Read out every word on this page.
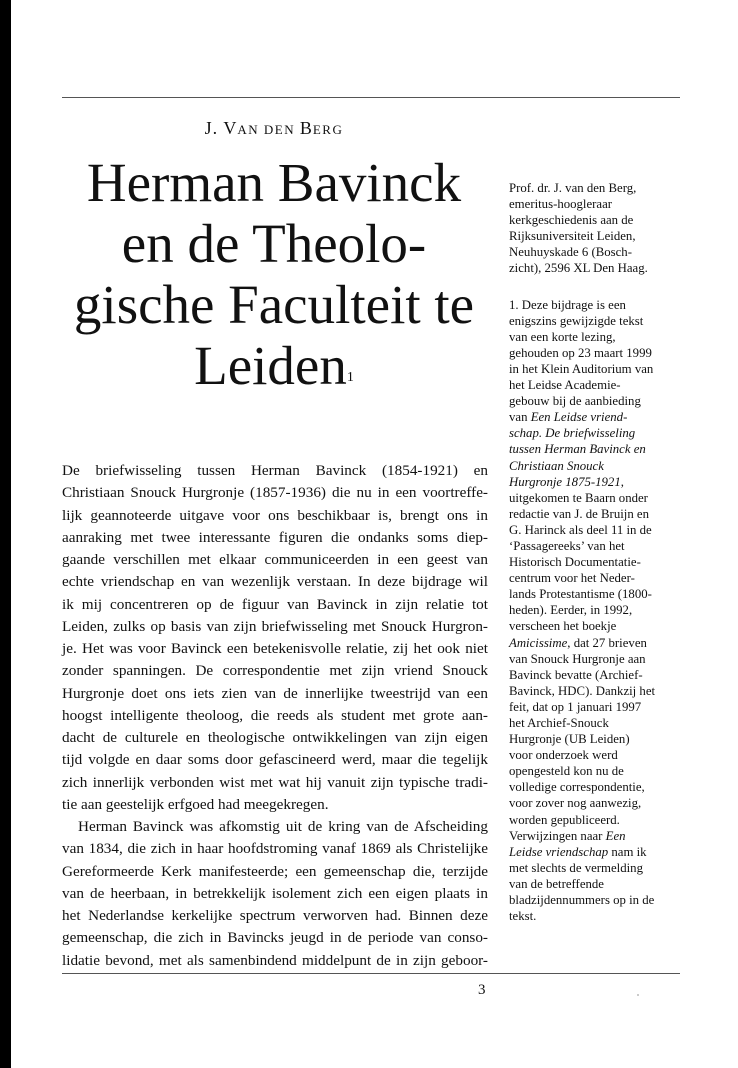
J. VAN DEN BERG
Herman Bavinck
en de Theolo-
gische Faculteit te
Leiden$^1$
De briefwisseling tussen Herman Bavinck (1854-1921) en
Christiaan Snouck Hurgronje (1857-1936) die nu in een voortreffe-
lijk geannoteerde uitgave voor ons beschikbaar is, brengt ons in
aanraking met twee interessante figuren die ondanks soms diep-
gaande verschillen met elkaar communiceerden in een geest van
echte vriendschap en van wezenlijk verstaan. In deze bijdrage wil
ik mij concentreren op de figuur van Bavinck in zijn relatie tot
Leiden, zulks op basis van zijn briefwisseling met Snouck Hurgron-
je. Het was voor Bavinck een betekenisvolle relatie, zij het ook niet
zonder spanningen. De correspondentie met zijn vriend Snouck
Hurgronje doet ons iets zien van de innerlijke tweestrijd van een
hoogst intelligente theoloog, die reeds als student met grote aan-
dacht de culturele en theologische ontwikkelingen van zijn eigen
tijd volgde en daar soms door gefascineerd werd, maar die tegelijk
zich innerlijk verbonden wist met wat hij vanuit zijn typische tradi-
tie aan geestelijk erfgoed had meegekregen.
Herman Bavinck was afkomstig uit de kring van de Afscheiding
van 1834, die zich in haar hoofdstroming vanaf 1869 als Christelijke
Gereformeerde Kerk manifesteerde; een gemeenschap die, terzijde
van de heerbaan, in betrekkelijk isolement zich een eigen plaats in
het Nederlandse kerkelijke spectrum verworven had. Binnen deze
gemeenschap, die zich in Bavincks jeugd in de periode van conso-
lidatie bevond, met als samenbindend middelpunt de in zijn geboor-
Prof. dr. J. van den Berg,
emeritus-hoogleraar
kerkgeschiedenis aan de
Rijksuniversiteit Leiden,
Neuhuyskade 6 (Bosch-
zicht), 2596 XL Den Haag.
1. Deze bijdrage is een
enigszins gewijzigde tekst
van een korte lezing,
gehouden op 23 maart 1999
in het Klein Auditorium van
het Leidse Academie-
gebouw bij de aanbieding
van Een Leidse vriend-
schap. De briefwisseling
tussen Herman Bavinck en
Christiaan Snouck
Hurgronje 1875-1921,
uitgekomen te Baarn onder
redactie van J. de Bruijn en
G. Harinck als deel 11 in de
‘Passagereeks’ van het
Historisch Documentatie-
centrum voor het Neder-
lands Protestantisme (1800-
heden). Eerder, in 1992,
verscheen het boekje
Amicissime, dat 27 brieven
van Snouck Hurgronje aan
Bavinck bevatte (Archief-
Bavinck, HDC). Dankzij het
feit, dat op 1 januari 1997
het Archief-Snouck
Hurgronje (UB Leiden)
voor onderzoek werd
opengesteld kon nu de
volledige correspondentie,
voor zover nog aanwezig,
worden gepubliceerd.
Verwijzingen naar Een
Leidse vriendschap nam ik
met slechts de vermelding
van de betreffende
bladzijdennummers op in de
tekst.
3
